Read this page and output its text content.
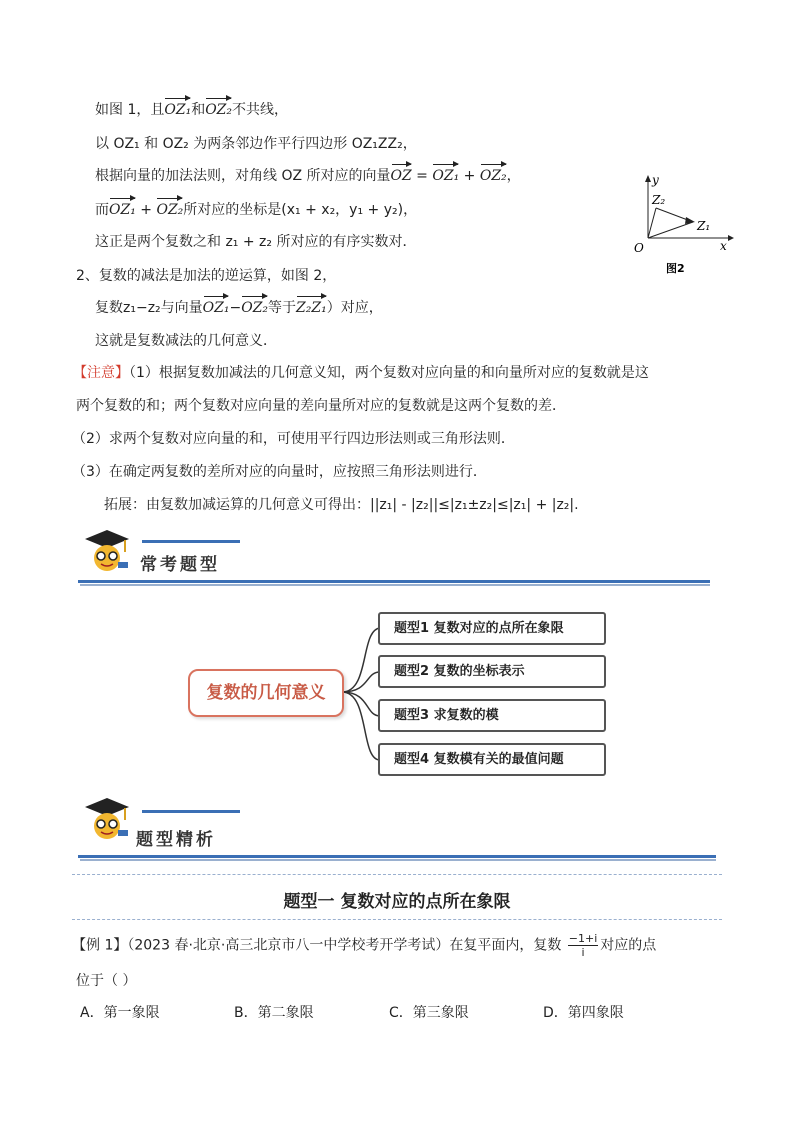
如图 1，且OZ₁和OZ₂不共线，
以 OZ₁ 和 OZ₂ 为两条邻边作平行四边形 OZ₁ZZ₂，
根据向量的加法法则，对角线 OZ 所对应的向量OZ = OZ₁ + OZ₂，
而OZ₁ + OZ₂所对应的坐标是(x₁ + x₂，y₁ + y₂)，
这正是两个复数之和 z₁ + z₂ 所对应的有序实数对．
2、复数的减法是加法的逆运算，如图 2，
复数z₁−z₂与向量OZ₁−OZ₂等于Z₂Z₁）对应，
这就是复数减法的几何意义．
y
x
O
Z₁
Z₂
图2
【注意】（1）根据复数加减法的几何意义知，两个复数对应向量的和向量所对应的复数就是这
两个复数的和；两个复数对应向量的差向量所对应的复数就是这两个复数的差．
（2）求两个复数对应向量的和，可使用平行四边形法则或三角形法则．
（3）在确定两复数的差所对应的向量时，应按照三角形法则进行．
拓展：由复数加减运算的几何意义可得出：||z₁| - |z₂||≤|z₁±z₂|≤|z₁| + |z₂|.
常考题型
复数的几何意义
题型1 复数对应的点所在象限
题型2 复数的坐标表示
题型3 求复数的模
题型4 复数模有关的最值问题
题型精析
题型一 复数对应的点所在象限
【例 1】（2023 春·北京·高三北京市八一中学校考开学考试）在复平面内，复数 $\frac{-1+i}{i}$ 对应的点
位于（ ）
A．第一象限	B．第二象限	C．第三象限	D．第四象限
